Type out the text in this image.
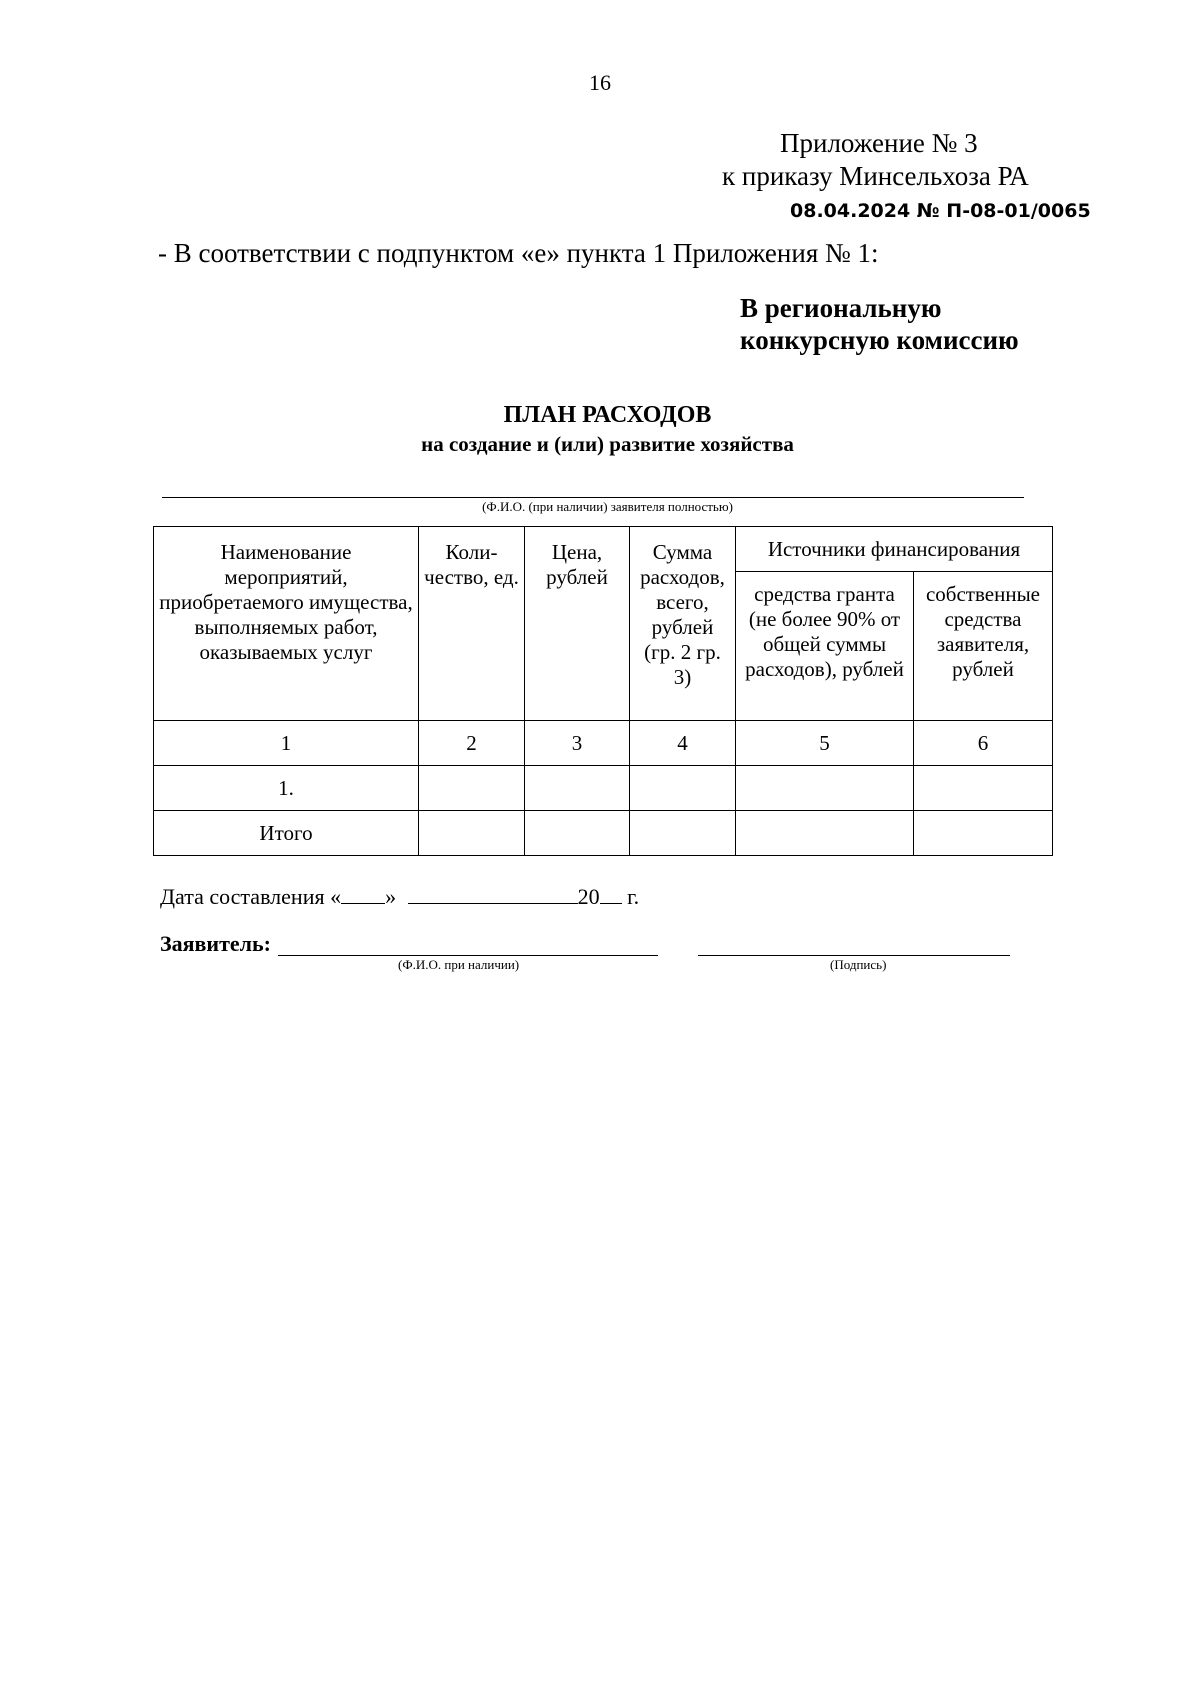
16
Приложение № 3
к приказу Минсельхоза РА
08.04.2024 № П-08-01/0065
- В соответствии с подпунктом «е» пункта 1 Приложения № 1:
В региональную
конкурсную комиссию
ПЛАН РАСХОДОВ
на создание и (или) развитие хозяйства
(Ф.И.О. (при наличии) заявителя полностью)
Наименование мероприятий, приобретаемого имущества, выполняемых работ, оказываемых услуг	Коли-чество, ед.	Цена, рублей	Сумма расходов, всего, рублей (гр. 2 гр. 3)	Источники финансирования	
				средства гранта (не более 90% от общей суммы расходов), рублей	собственные средства заявителя, рублей
1	2	3	4	5	6
1.					
Итого					
Дата составления « »	20 г.
Заявитель:
(Ф.И.О. при наличии)	(Подпись)
